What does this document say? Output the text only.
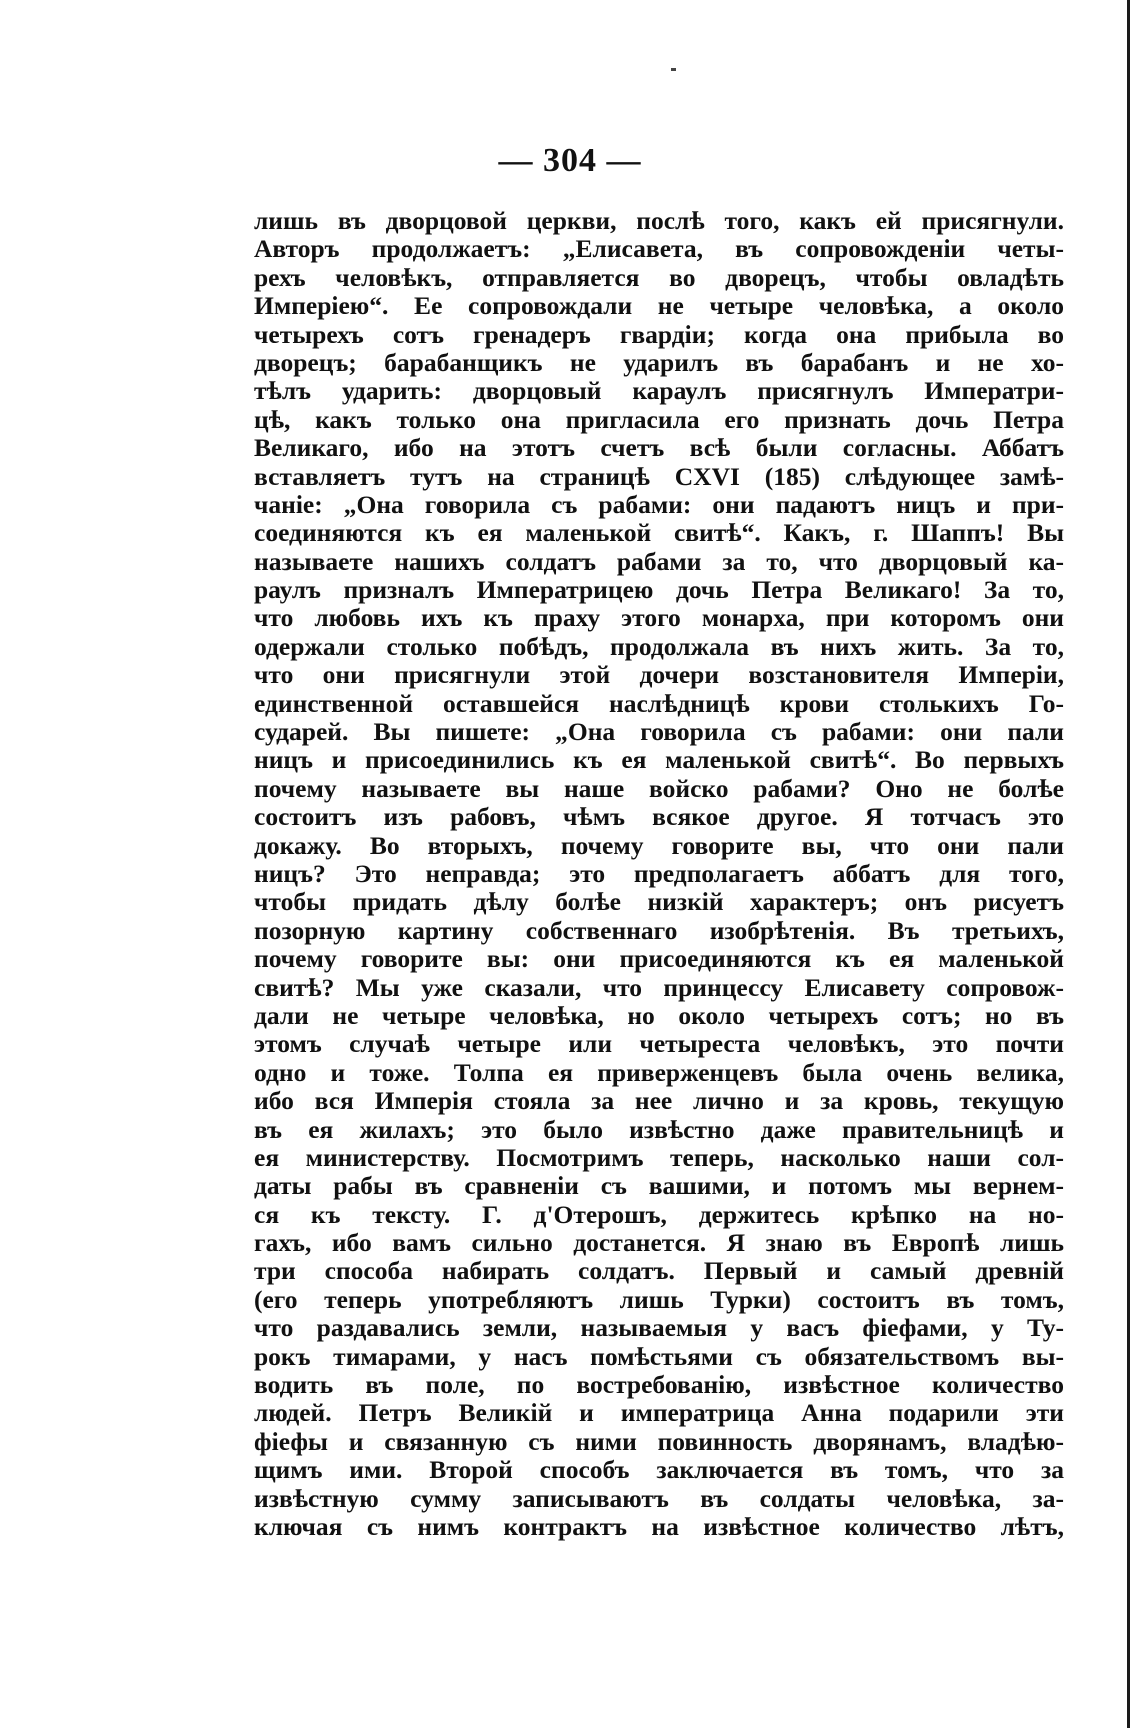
— 304 —
лишь въ дворцовой церкви, послѣ того, какъ ей присягнули.
Авторъ продолжаетъ: „Елисавета, въ сопровожденіи четы-
рехъ человѣкъ, отправляется во дворецъ, чтобы овладѣть
Имперіею“. Ее сопровождали не четыре человѣка, а около
четырехъ сотъ гренадеръ гвардіи; когда она прибыла во
дворецъ; барабанщикъ не ударилъ въ барабанъ и не хо-
тѣлъ ударить: дворцовый караулъ присягнулъ Императри-
цѣ, какъ только она пригласила его признать дочь Петра
Великаго, ибо на этотъ счетъ всѣ были согласны. Аббатъ
вставляетъ тутъ на страницѣ CXVI (185) слѣдующее замѣ-
чаніе: „Она говорила съ рабами: они падаютъ ницъ и при-
соединяются къ ея маленькой свитѣ“. Какъ, г. Шаппъ! Вы
называете нашихъ солдатъ рабами за то, что дворцовый ка-
раулъ призналъ Императрицею дочь Петра Великаго! За то,
что любовь ихъ къ праху этого монарха, при которомъ они
одержали столько побѣдъ, продолжала въ нихъ жить. За то,
что они присягнули этой дочери возстановителя Имперіи,
единственной оставшейся наслѣдницѣ крови столькихъ Го-
сударей. Вы пишете: „Она говорила съ рабами: они пали
ницъ и присоединились къ ея маленькой свитѣ“. Во первыхъ
почему называете вы наше войско рабами? Оно не болѣе
состоитъ изъ рабовъ, чѣмъ всякое другое. Я тотчасъ это
докажу. Во вторыхъ, почему говорите вы, что они пали
ницъ? Это неправда; это предполагаетъ аббатъ для того,
чтобы придать дѣлу болѣе низкій характеръ; онъ рисуетъ
позорную картину собственнаго изобрѣтенія. Въ третьихъ,
почему говорите вы: они присоединяются къ ея маленькой
свитѣ? Мы уже сказали, что принцессу Елисавету сопровож-
дали не четыре человѣка, но около четырехъ сотъ; но въ
этомъ случаѣ четыре или четыреста человѣкъ, это почти
одно и тоже. Толпа ея приверженцевъ была очень велика,
ибо вся Имперія стояла за нее лично и за кровь, текущую
въ ея жилахъ; это было извѣстно даже правительницѣ и
ея министерству. Посмотримъ теперь, насколько наши сол-
даты рабы въ сравненіи съ вашими, и потомъ мы вернем-
ся къ тексту. Г. д'Отерошъ, держитесь крѣпко на но-
гахъ, ибо вамъ сильно достанется. Я знаю въ Европѣ лишь
три способа набирать солдатъ. Первый и самый древній
(его теперь употребляютъ лишь Турки) состоитъ въ томъ,
что раздавались земли, называемыя у васъ фіефами, у Ту-
рокъ тимарами, у насъ помѣстьями съ обязательствомъ вы-
водить въ поле, по востребованію, извѣстное количество
людей. Петръ Великій и императрица Анна подарили эти
фіефы и связанную съ ними повинность дворянамъ, владѣю-
щимъ ими. Второй способъ заключается въ томъ, что за
извѣстную сумму записываютъ въ солдаты человѣка, за-
ключая съ нимъ контрактъ на извѣстное количество лѣтъ,
